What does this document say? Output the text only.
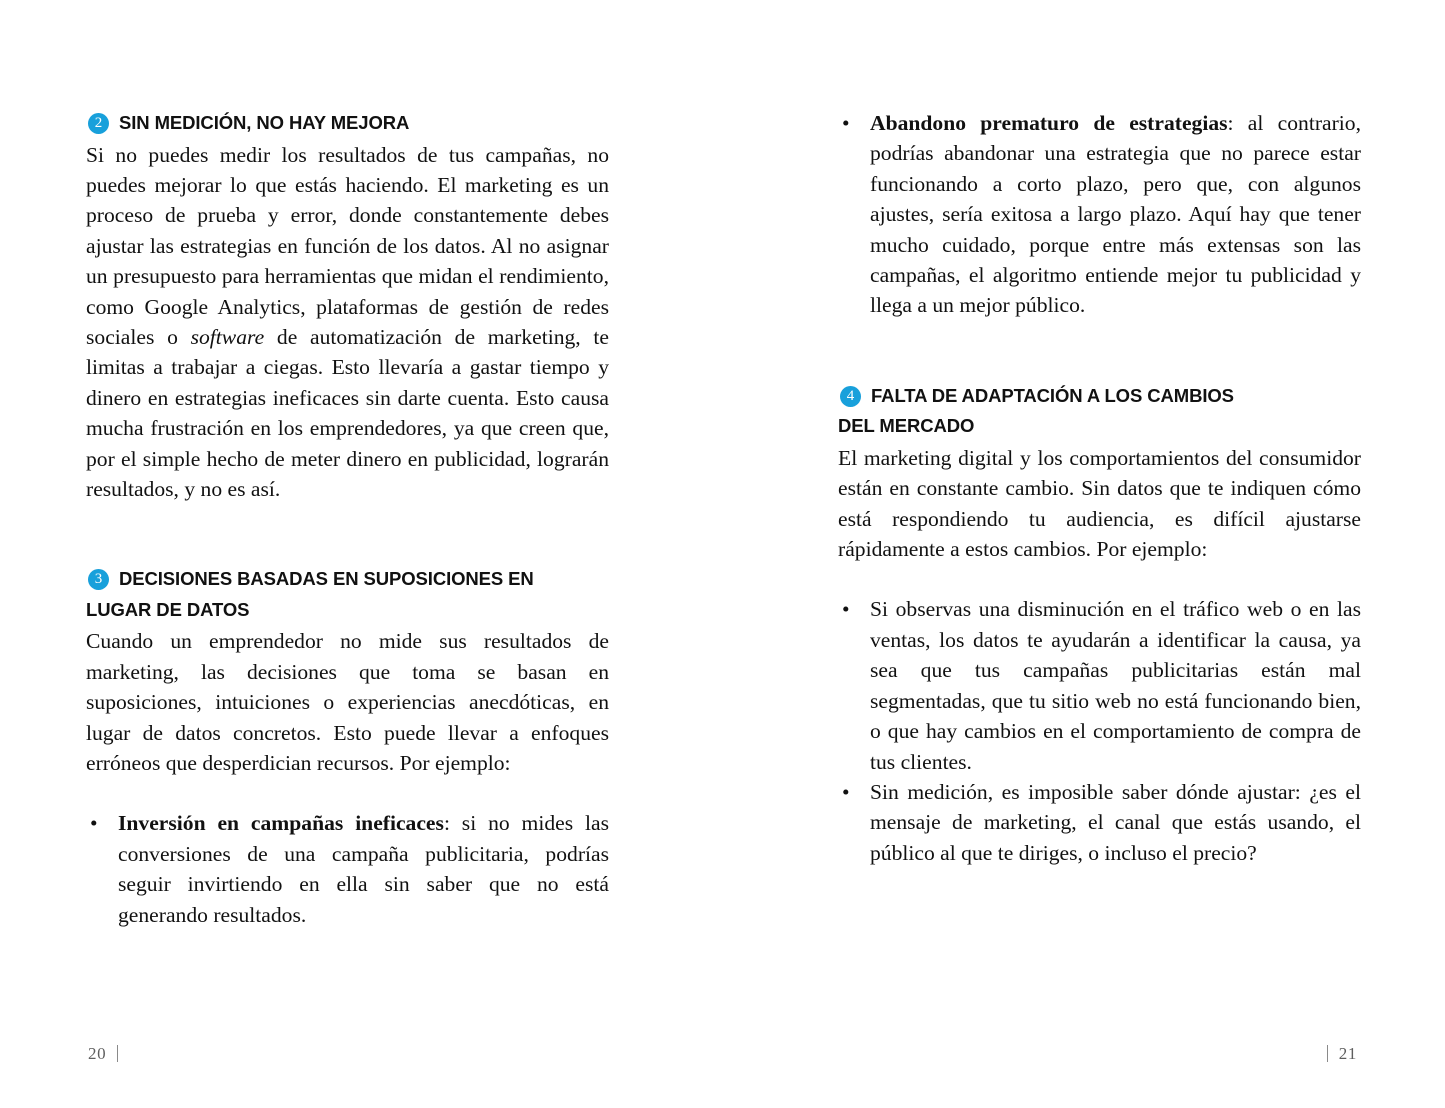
2 SIN MEDICIÓN, NO HAY MEJORA

Si no puedes medir los resultados de tus campañas, no puedes mejorar lo que estás haciendo. El marketing es un proceso de prueba y error, donde constantemente debes ajustar las estrategias en función de los datos. Al no asignar un presupuesto para herramientas que midan el rendimiento, como Google Analytics, plataformas de gestión de redes sociales o software de automatización de marketing, te limitas a trabajar a ciegas. Esto llevaría a gastar tiempo y dinero en estrategias ineficaces sin darte cuenta. Esto causa mucha frustración en los emprendedores, ya que creen que, por el simple hecho de meter dinero en publicidad, lograrán resultados, y no es así.

3 DECISIONES BASADAS EN SUPOSICIONES EN
LUGAR DE DATOS

Cuando un emprendedor no mide sus resultados de marketing, las decisiones que toma se basan en suposiciones, intuiciones o experiencias anecdóticas, en lugar de datos concretos. Esto puede llevar a enfoques erróneos que desperdician recursos. Por ejemplo:

• Inversión en campañas ineficaces: si no mides las conversiones de una campaña publicitaria, podrías seguir invirtiendo en ella sin saber que no está generando resultados.
• Abandono prematuro de estrategias: al contrario, podrías abandonar una estrategia que no parece estar funcionando a corto plazo, pero que, con algunos ajustes, sería exitosa a largo plazo. Aquí hay que tener mucho cuidado, porque entre más extensas son las campañas, el algoritmo entiende mejor tu publicidad y llega a un mejor público.
4 FALTA DE ADAPTACIÓN A LOS CAMBIOS
DEL MERCADO

El marketing digital y los comportamientos del consumidor están en constante cambio. Sin datos que te indiquen cómo está respondiendo tu audiencia, es difícil ajustarse rápidamente a estos cambios. Por ejemplo:

• Si observas una disminución en el tráfico web o en las ventas, los datos te ayudarán a identificar la causa, ya sea que tus campañas publicitarias están mal segmentadas, que tu sitio web no está funcionando bien, o que hay cambios en el comportamiento de compra de tus clientes.
• Sin medición, es imposible saber dónde ajustar: ¿es el mensaje de marketing, el canal que estás usando, el público al que te diriges, o incluso el precio?
20	21
